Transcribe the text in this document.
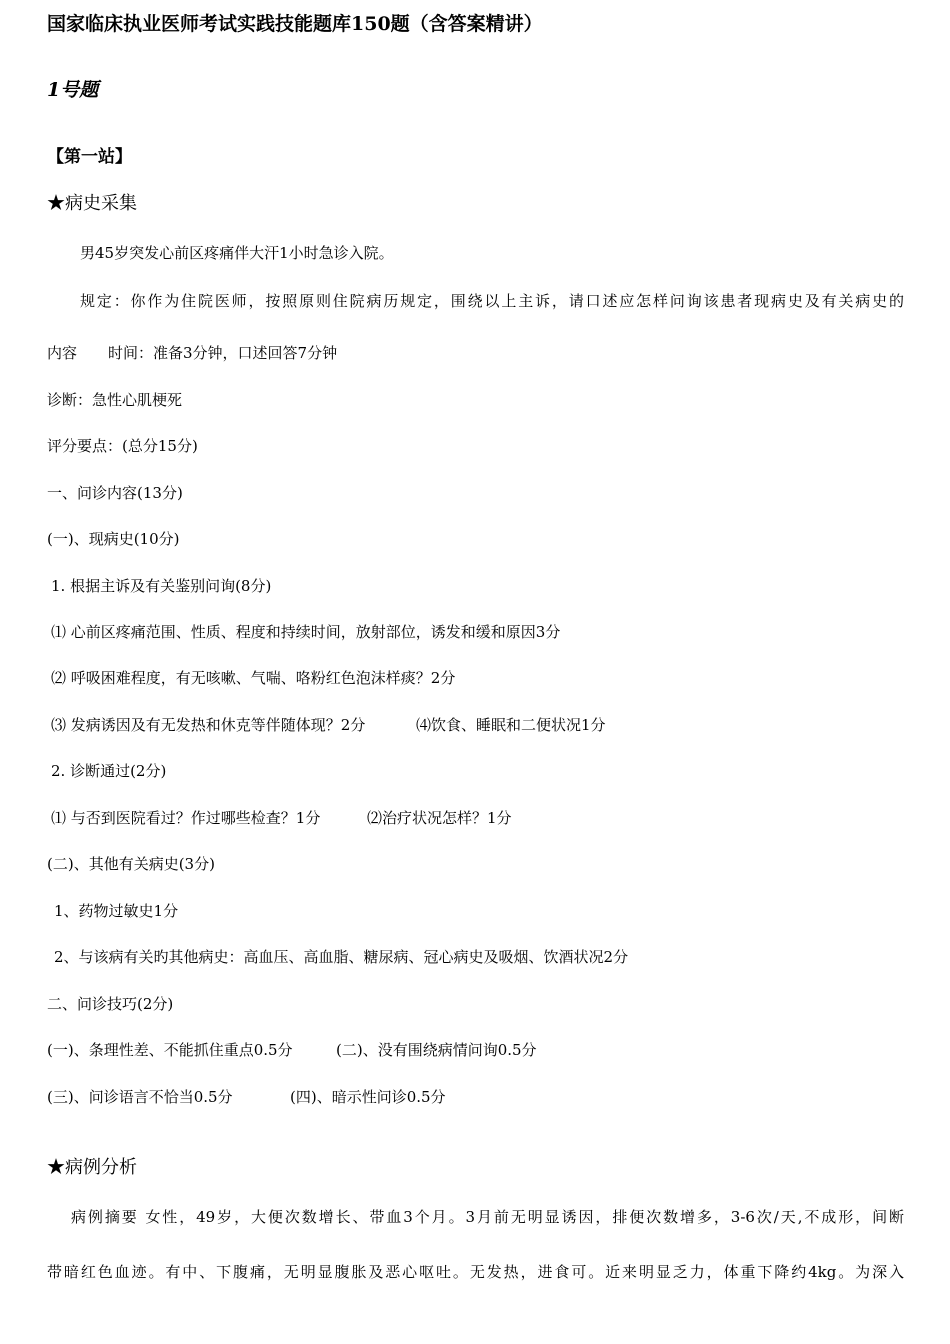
国家临床执业医师考试实践技能题库150题（含答案精讲）
1号题
【第一站】
★病史采集
男45岁突发心前区疼痛伴大汗1小时急诊入院。
规定：你作为住院医师，按照原则住院病历规定，围绕以上主诉，请口述应怎样问询该患者现病史及有关病史的
内容 时间：准备3分钟，口述回答7分钟
诊断：急性心肌梗死
评分要点：(总分15分)
一、问诊内容(13分)
(一)、现病史(10分)
1. 根据主诉及有关鉴别问询(8分)
⑴ 心前区疼痛范围、性质、程度和持续时间，放射部位，诱发和缓和原因3分
⑵ 呼吸困难程度，有无咳嗽、气喘、咯粉红色泡沫样痰？2分
⑶ 发病诱因及有无发热和休克等伴随体现？2分	⑷饮食、睡眠和二便状况1分
2. 诊断通过(2分)
⑴ 与否到医院看过？作过哪些检查？1分	⑵治疗状况怎样？1分
(二)、其他有关病史(3分)
1、药物过敏史1分
2、与该病有关旳其他病史：高血压、高血脂、糖尿病、冠心病史及吸烟、饮酒状况2分
二、问诊技巧(2分)
(一)、条理性差、不能抓住重点0.5分	(二)、没有围绕病情问询0.5分
(三)、问诊语言不恰当0.5分	(四)、暗示性问诊0.5分
★病例分析
病例摘要 女性，49岁，大便次数增长、带血3个月。3月前无明显诱因，排便次数增多，3-6次/天,不成形，间断
带暗红色血迹。有中、下腹痛，无明显腹胀及恶心呕吐。无发热，进食可。近来明显乏力，体重下降约4kg。为深入
